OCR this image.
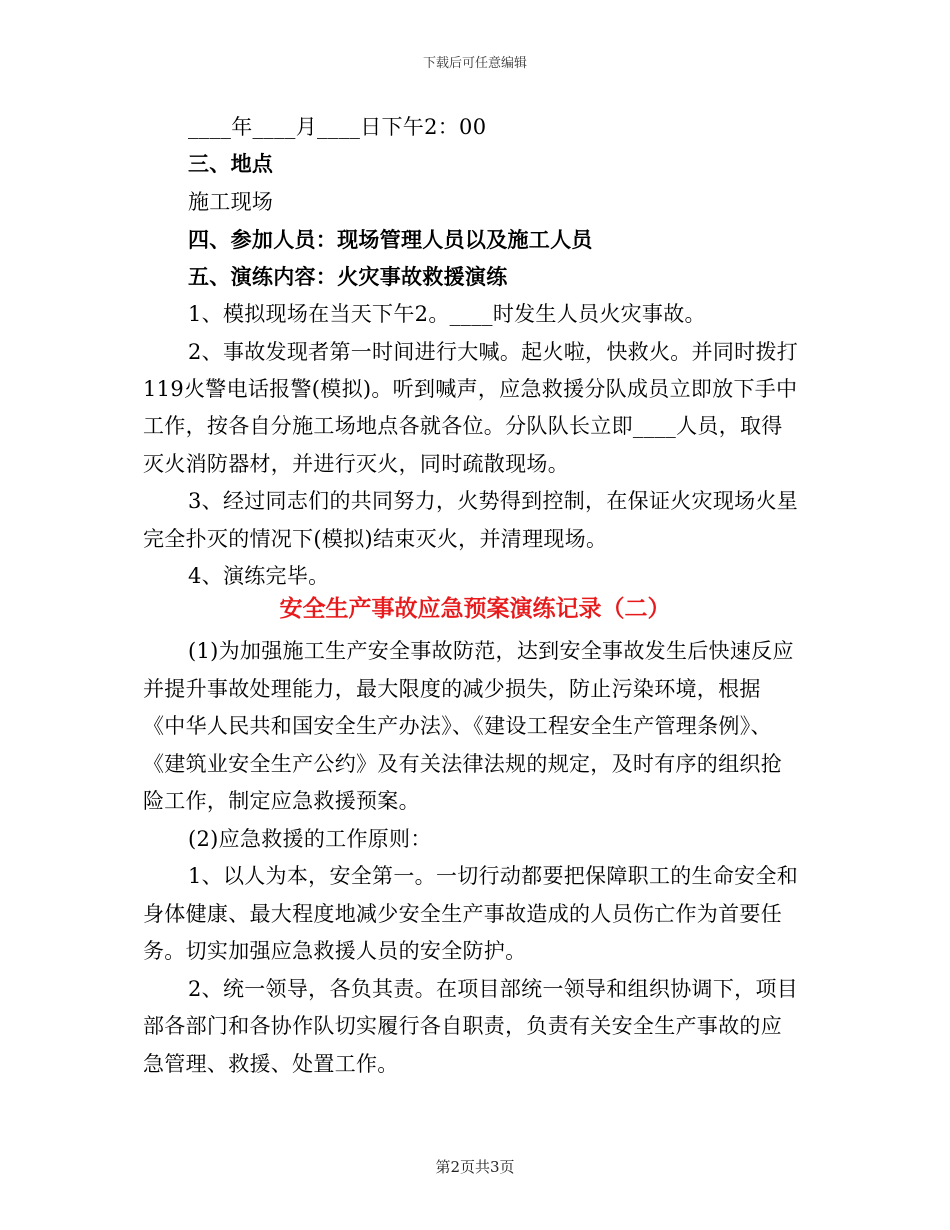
下载后可任意编辑
____年____月____日下午2：00
三、地点
施工现场
四、参加人员：现场管理人员以及施工人员
五、演练内容：火灾事故救援演练
1、模拟现场在当天下午2。____时发生人员火灾事故。
2、事故发现者第一时间进行大喊。起火啦，快救火。并同时拨打
119火警电话报警(模拟)。听到喊声，应急救援分队成员立即放下手中
工作，按各自分施工场地点各就各位。分队队长立即____人员，取得
灭火消防器材，并进行灭火，同时疏散现场。
3、经过同志们的共同努力，火势得到控制，在保证火灾现场火星
完全扑灭的情况下(模拟)结束灭火，并清理现场。
4、演练完毕。
安全生产事故应急预案演练记录（二）
(1)为加强施工生产安全事故防范，达到安全事故发生后快速反应
并提升事故处理能力，最大限度的减少损失，防止污染环境，根据
《中华人民共和国安全生产办法》、《建设工程安全生产管理条例》、
《建筑业安全生产公约》及有关法律法规的规定，及时有序的组织抢
险工作，制定应急救援预案。
(2)应急救援的工作原则：
1、以人为本，安全第一。一切行动都要把保障职工的生命安全和
身体健康、最大程度地减少安全生产事故造成的人员伤亡作为首要任
务。切实加强应急救援人员的安全防护。
2、统一领导，各负其责。在项目部统一领导和组织协调下，项目
部各部门和各协作队切实履行各自职责，负责有关安全生产事故的应
急管理、救援、处置工作。
第2页共3页
